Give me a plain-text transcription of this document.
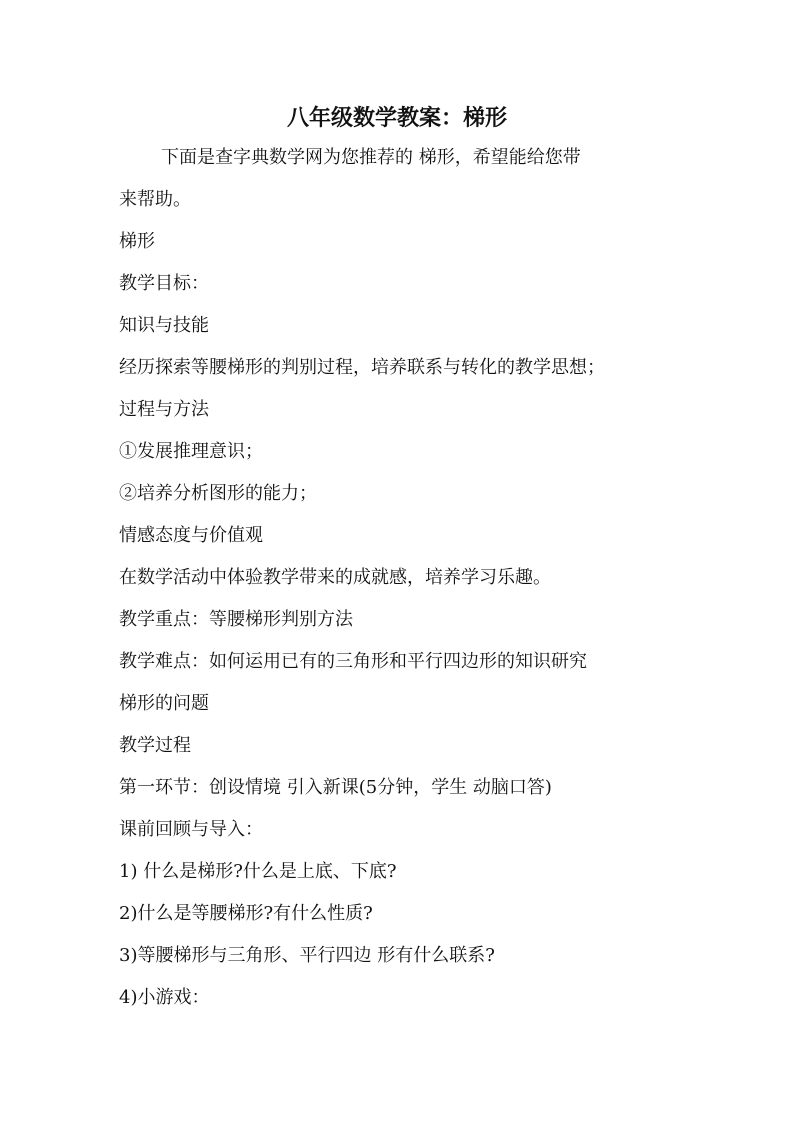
八年级数学教案：梯形
下面是查字典数学网为您推荐的 梯形，希望能给您带
来帮助。
梯形
教学目标：
知识与技能
经历探索等腰梯形的判别过程，培养联系与转化的教学思想；
过程与方法
①发展推理意识；
②培养分析图形的能力；
情感态度与价值观
在数学活动中体验教学带来的成就感，培养学习乐趣。
教学重点：等腰梯形判别方法
教学难点：如何运用已有的三角形和平行四边形的知识研究
梯形的问题
教学过程
第一环节：创设情境 引入新课(5分钟，学生 动脑口答)
课前回顾与导入：
1) 什么是梯形?什么是上底、下底?
2)什么是等腰梯形?有什么性质?
3)等腰梯形与三角形、平行四边 形有什么联系?
4)小游戏：
